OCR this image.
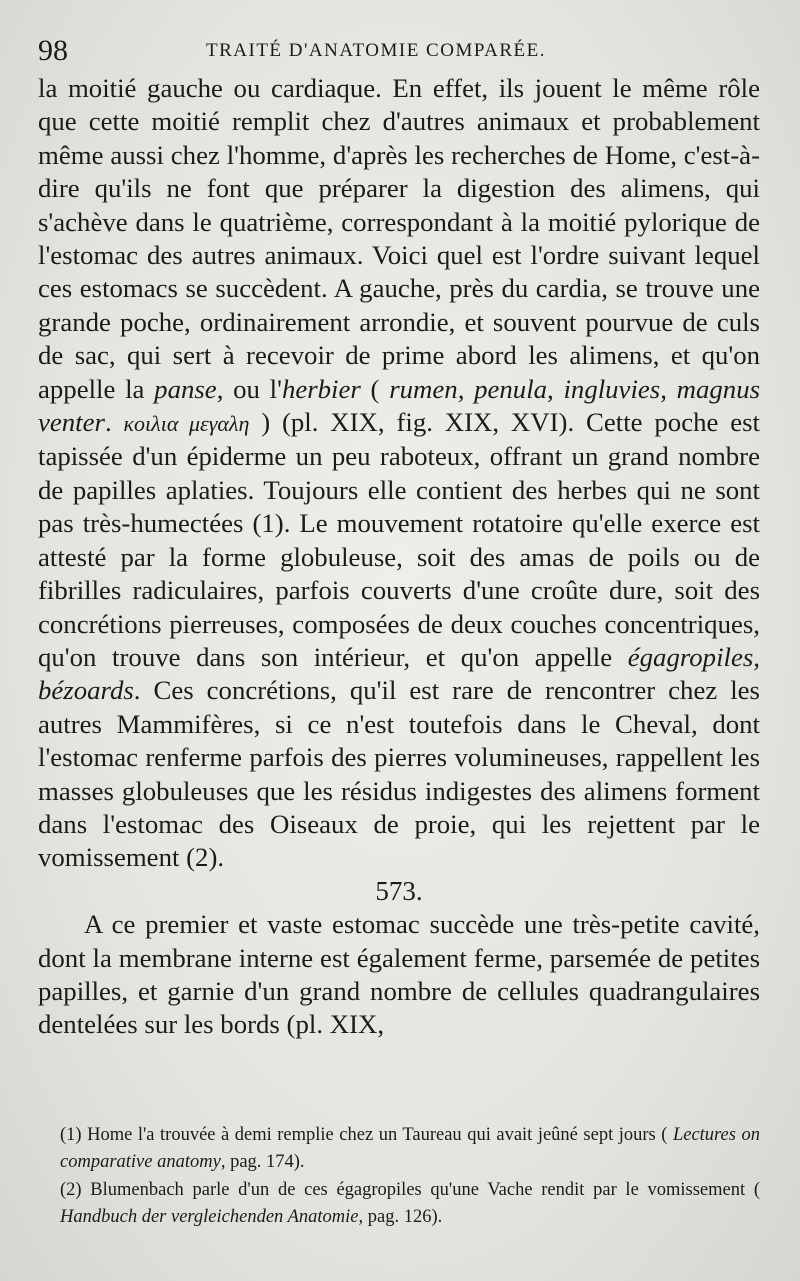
98	TRAITÉ D'ANATOMIE COMPARÉE.

la moitié gauche ou cardiaque. En effet, ils jouent le même rôle que cette moitié remplit chez d'autres animaux et probablement même aussi chez l'homme, d'après les recherches de Home, c'est-à-dire qu'ils ne font que préparer la digestion des alimens, qui s'achève dans le quatrième, correspondant à la moitié pylorique de l'estomac des autres animaux. Voici quel est l'ordre suivant lequel ces estomacs se succèdent. A gauche, près du cardia, se trouve une grande poche, ordinairement arrondie, et souvent pourvue de culs de sac, qui sert à recevoir de prime abord les alimens, et qu'on appelle la panse, ou l'herbier ( rumen, penula, ingluvies, magnus venter. κοιλια μεγαλη ) (pl. XIX, fig. XIX, XVI). Cette poche est tapissée d'un épiderme un peu raboteux, offrant un grand nombre de papilles aplaties. Toujours elle contient des herbes qui ne sont pas très-humectées (1). Le mouvement rotatoire qu'elle exerce est attesté par la forme globuleuse, soit des amas de poils ou de fibrilles radiculaires, parfois couverts d'une croûte dure, soit des concrétions pierreuses, composées de deux couches concentriques, qu'on trouve dans son intérieur, et qu'on appelle égagropiles, bézoards. Ces concrétions, qu'il est rare de rencontrer chez les autres Mammifères, si ce n'est toutefois dans le Cheval, dont l'estomac renferme parfois des pierres volumineuses, rappellent les masses globuleuses que les résidus indigestes des alimens forment dans l'estomac des Oiseaux de proie, qui les rejettent par le vomissement (2).

573.

A ce premier et vaste estomac succède une très-petite cavité, dont la membrane interne est également ferme, parsemée de petites papilles, et garnie d'un grand nombre de cellules quadrangulaires dentelées sur les bords (pl. XIX,

(1) Home l'a trouvée à demi remplie chez un Taureau qui avait jeûné sept jours ( Lectures on comparative anatomy, pag. 174).

(2) Blumenbach parle d'un de ces égagropiles qu'une Vache rendit par le vomissement ( Handbuch der vergleichenden Anatomie, pag. 126).
